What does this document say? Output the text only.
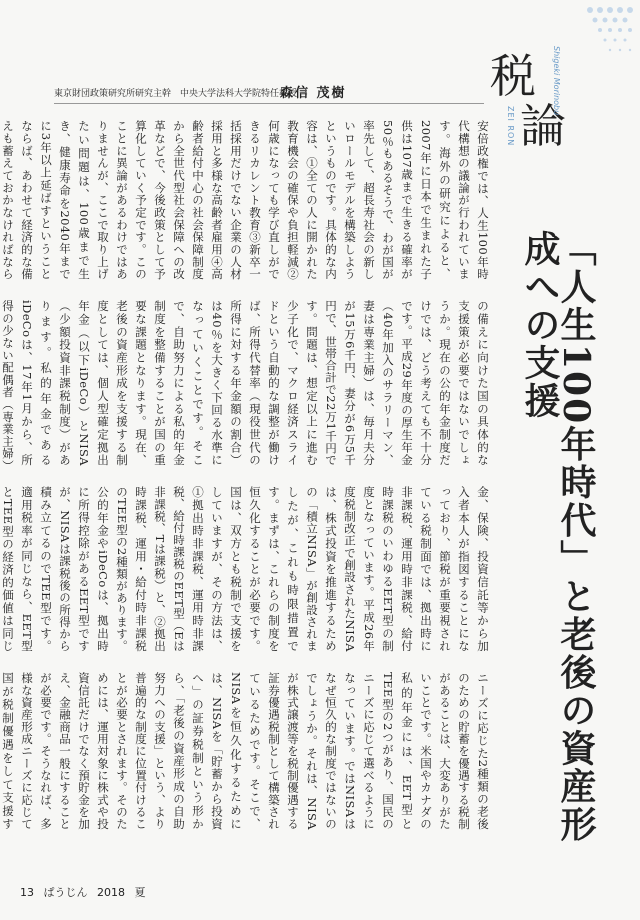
東京財団政策研究所研究主幹　中央大学法科大学院特任教授
森信 茂樹	税
論
Shigeki Morinobu
ZEI RON
「人生100年時代」と老後の資産形成への支援
安倍政権では、人生100年時代構想の議論が行われています。海外の研究によると、2007年に日本で生まれた子供は107歳まで生きる確率が50％もあるそうで、わが国が率先して、超長寿社会の新しいロールモデルを構築しようというものです。具体的な内容は、①全ての人に開かれた教育機会の確保や負担軽減②何歳になっても学び直しができるリカレント教育③新卒一括採用だけでない企業の人材採用と多様な高齢者雇用④高齢者給付中心の社会保障制度から全世代型社会保障への改革などで、今後政策として予算化していく予定です。このことに異論があるわけではありませんが、ここで取り上げたい問題は、100歳まで生き、健康寿命を2040年までに3年以上延ばすということならば、あわせて経済的な備えも蓄えておかなければなら
の備えに向けた国の具体的な支援策が必要ではないでしょうか。現在の公的年金制度だけでは、どう考えても不十分です。平成29年度の厚生年金（40年加入のサラリーマン、妻は専業主婦）は、毎月夫分が15万6千円、妻分が6万5千円で、世帯合計で22万1千円です。問題は、想定以上に進む少子化で、マクロ経済スライドという自動的な調整が働けば、所得代替率（現役世代の所得に対する年金額の割合）は40％を大きく下回る水準になっていくことです。そこで、自助努力による私的年金制度を整備することが国の重要な課題となります。現在、老後の資産形成を支援する制度としては、個人型確定拠出年金（以下iDeCo）とNISA（少額投資非課税制度）があります。私的年金であるiDeCoは、17年1月から、所得の少ない配偶者（専業主婦）
金、保険、投資信託等から加入者本人が指図することになっており、節税が重要視されている税制面では、拠出時に非課税、運用時非課税、給付時課税のいわゆるEET型の制度となっています。平成26年度税制改正で創設されたNISAは、株式投資を推進するための「積立NISA」が創設されましたが、これも時限措置です。まずは、これらの制度を恒久化することが必要です。国は、双方とも税制で支援をしていますが、その方法は、①拠出時非課税、運用時非課税、給付時課税のEET型（Eは非課税、Tは課税）と、②拠出時課税、運用・給付時非課税のTEE型の2種類があります。公的年金やiDeCoは、拠出時に所得控除があるEET型ですが、NISAは課税後の所得から積み立てるのでTEE型です。適用税率が同じなら、EET型とTEE型の経済的価値は同じ
ニーズに応じた2種類の老後のための貯蓄を優遇する税制があることは、大変ありがたいことです。米国やカナダの私的年金には、EET型とTEE型の2つがあり、国民のニーズに応じて選べるようになっています。ではNISAはなぜ恒久的な制度ではないのでしょうか。それは、NISAが株式譲渡等を税制優遇する証券優遇税制として構築されているためです。そこで、NISAを恒久化するためには、NISAを「貯蓄から投資へ」の証券税制という形から、「老後の資産形成の自助努力への支援」という、より普遍的な制度に位置付けることが必要とされます。そのためには、運用対象に株式や投資信託だけでなく預貯金を加え、金融商品一般にすることが必要です。そうなれば、多様な資産形成ニーズに応じて国が税制優遇をして支援す
13 ぱうじん 2018 夏
